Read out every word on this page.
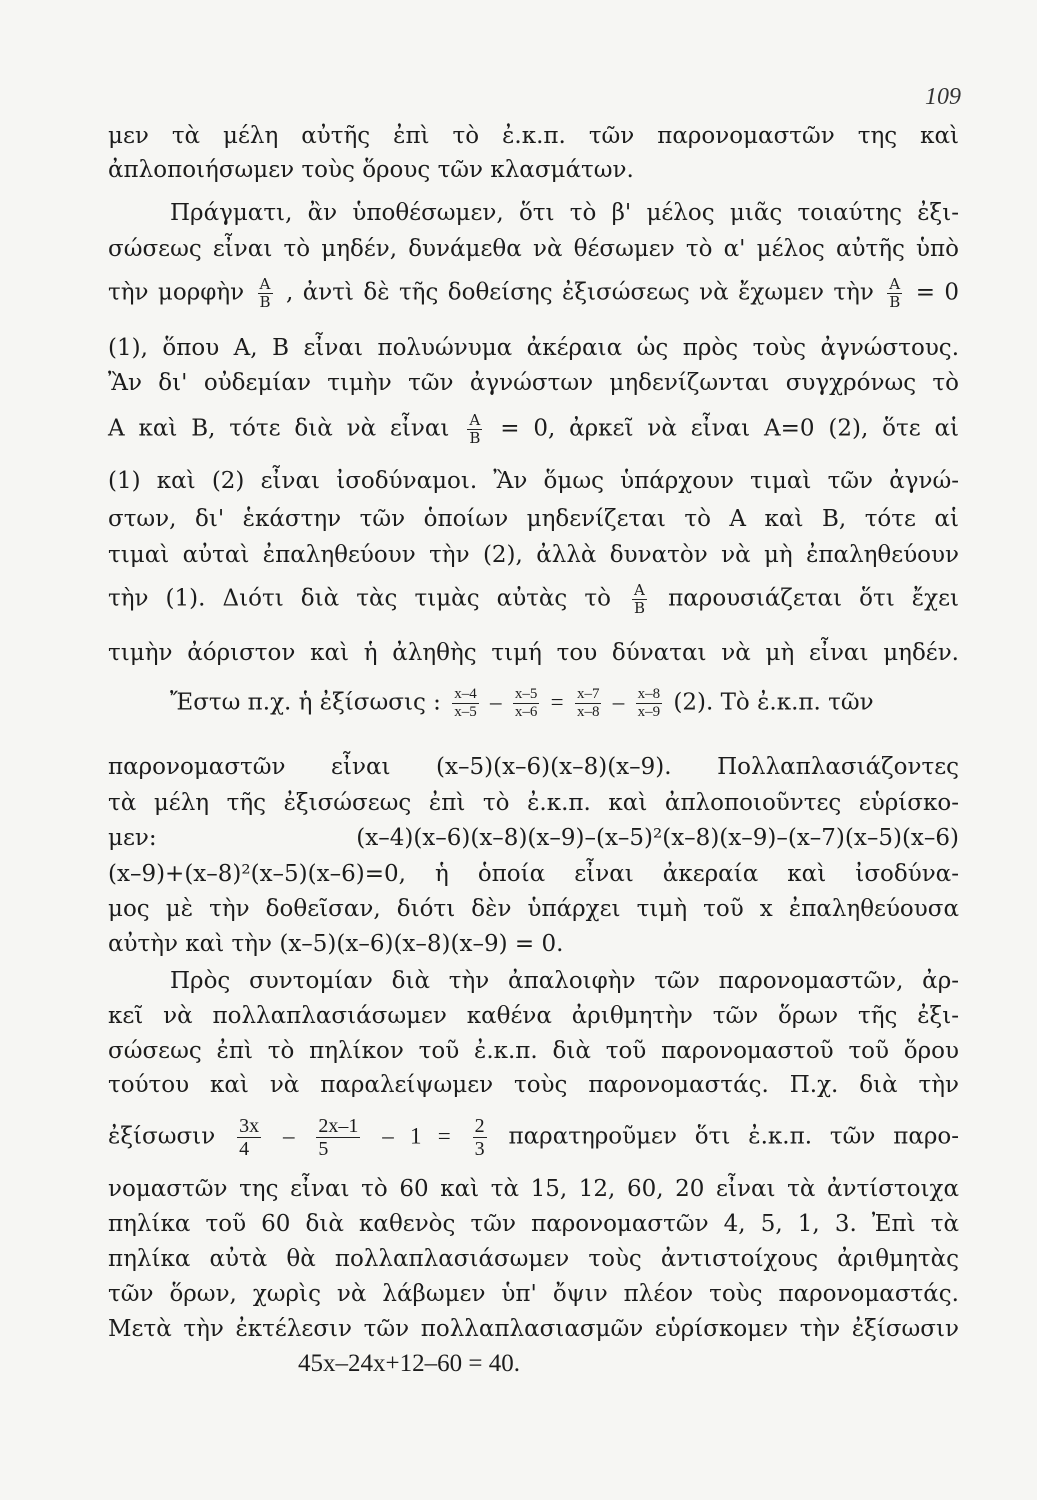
109
μεν τὰ μέλη αὐτῆς ἐπὶ τὸ ἐ.κ.π. τῶν παρονομαστῶν της καὶ
ἀπλοποιήσωμεν τοὺς ὅρους τῶν κλασμάτων.
Πράγματι, ἂν ὑποθέσωμεν, ὅτι τὸ β' μέλος μιᾶς τοιαύτης ἐξι-
σώσεως εἶναι τὸ μηδέν, δυνάμεθα νὰ θέσωμεν τὸ α' μέλος αὐτῆς ὑπὸ
τὴν μορφὴν $\frac{A}{B}$ , ἀντὶ δὲ τῆς δοθείσης ἐξισώσεως νὰ ἔχωμεν τὴν $\frac{A}{B} = 0$
(1), ὅπου Α, Β εἶναι πολυώνυμα ἀκέραια ὡς πρὸς τοὺς ἀγνώστους.
Ἂν δι' οὐδεμίαν τιμὴν τῶν ἀγνώστων μηδενίζωνται συγχρόνως τὸ
Α καὶ Β, τότε διὰ νὰ εἶναι $\frac{A}{B} = 0$, ἀρκεῖ νὰ εἶναι Α=0 (2), ὅτε αἱ
(1) καὶ (2) εἶναι ἰσοδύναμοι. Ἂν ὅμως ὑπάρχουν τιμαὶ τῶν ἀγνώ-
στων, δι' ἑκάστην τῶν ὁποίων μηδενίζεται τὸ Α καὶ Β, τότε αἱ
τιμαὶ αὐταὶ ἐπαληθεύουν τὴν (2), ἀλλὰ δυνατὸν νὰ μὴ ἐπαληθεύουν
τὴν (1). Διότι διὰ τὰς τιμὰς αὐτὰς τὸ $\frac{A}{B}$ παρουσιάζεται ὅτι ἔχει
τιμὴν ἀόριστον καὶ ἡ ἀληθὴς τιμή του δύναται νὰ μὴ εἶναι μηδέν.
Ἔστω π.χ. ἡ ἐξίσωσις : $\frac{x-4}{x-5} - \frac{x-5}{x-6} = \frac{x-7}{x-8} - \frac{x-8}{x-9} (2)$. Τὸ ἐ.κ.π. τῶν
παρονομαστῶν εἶναι (x–5)(x–6)(x–8)(x–9). Πολλαπλασιάζοντες
τὰ μέλη τῆς ἐξισώσεως ἐπὶ τὸ ἐ.κ.π. καὶ ἀπλοποιοῦντες εὑρίσκο-
μεν: (x–4)(x–6)(x–8)(x–9)–(x–5)²(x–8)(x–9)–(x–7)(x–5)(x–6)
(x–9)+(x–8)²(x–5)(x–6)=0, ἡ ὁποία εἶναι ἀκεραία καὶ ἰσοδύνα-
μος μὲ τὴν δοθεῖσαν, διότι δὲν ὑπάρχει τιμὴ τοῦ x ἐπαληθεύουσα
αὐτὴν καὶ τὴν (x–5)(x–6)(x–8)(x–9) = 0.
Πρὸς συντομίαν διὰ τὴν ἀπαλοιφὴν τῶν παρονομαστῶν, ἀρ-
κεῖ νὰ πολλαπλασιάσωμεν καθένα ἀριθμητὴν τῶν ὅρων τῆς ἐξι-
σώσεως ἐπὶ τὸ πηλίκον τοῦ ἐ.κ.π. διὰ τοῦ παρονομαστοῦ τοῦ ὅρου
τούτου καὶ νὰ παραλείψωμεν τοὺς παρονομαστάς. Π.χ. διὰ τὴν
ἐξίσωσιν $\frac{3x}{4} - \frac{2x-1}{5} - 1 = \frac{2}{3}$ παρατηροῦμεν ὅτι ἐ.κ.π. τῶν παρο-
νομαστῶν της εἶναι τὸ 60 καὶ τὰ 15, 12, 60, 20 εἶναι τὰ ἀντίστοιχα
πηλίκα τοῦ 60 διὰ καθενὸς τῶν παρονομαστῶν 4, 5, 1, 3. Ἐπὶ τὰ
πηλίκα αὐτὰ θὰ πολλαπλασιάσωμεν τοὺς ἀντιστοίχους ἀριθμητὰς
τῶν ὅρων, χωρὶς νὰ λάβωμεν ὑπ' ὄψιν πλέον τοὺς παρονομαστάς.
Μετὰ τὴν ἐκτέλεσιν τῶν πολλαπλασιασμῶν εὑρίσκομεν τὴν ἐξίσωσιν
45x–24x+12–60 = 40.
